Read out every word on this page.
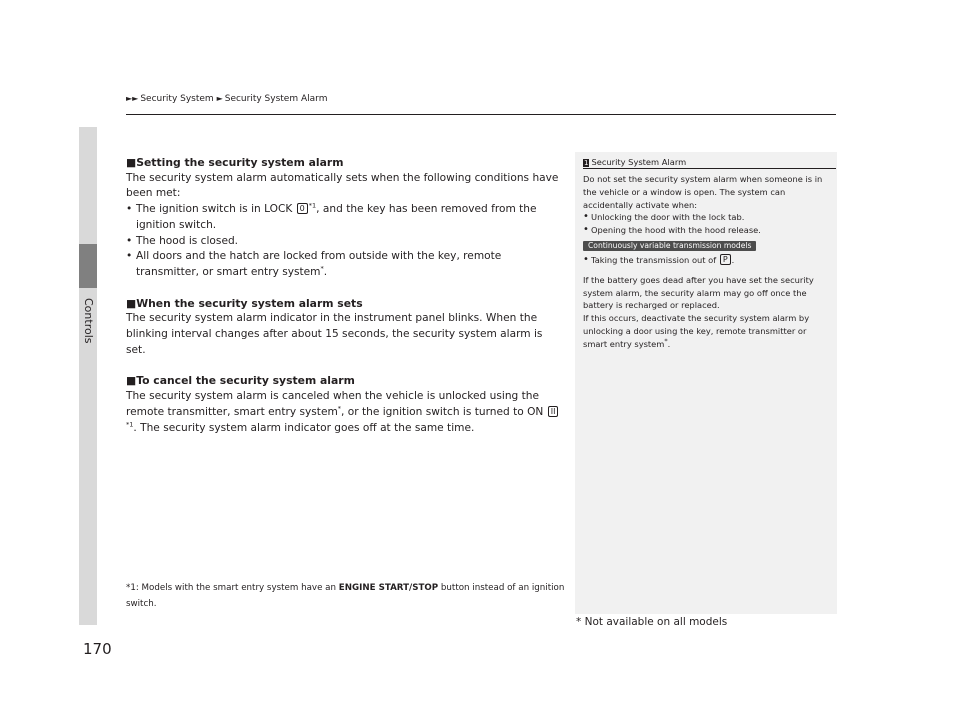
Controls
170
►► Security System ► Security System Alarm
■Setting the security system alarm

The security system alarm automatically sets when the following conditions have been met:

• The ignition switch is in LOCK 0 $^{*1}$, and the key has been removed from the ignition switch.
• The hood is closed.
• All doors and the hatch are locked from outside with the key, remote transmitter, or smart entry system*.
■When the security system alarm sets

The security system alarm indicator in the instrument panel blinks. When the blinking interval changes after about 15 seconds, the security system alarm is set.

■To cancel the security system alarm

The security system alarm is canceled when the vehicle is unlocked using the remote transmitter, smart entry system*, or the ignition switch is turned to ON II$^{*1}$. The security system alarm indicator goes off at the same time.

*1: Models with the smart entry system have an ENGINE START/STOP button instead of an ignition switch.
1 Security System Alarm

Do not set the security system alarm when someone is in the vehicle or a window is open. The system can accidentally activate when:

• Unlocking the door with the lock tab.
• Opening the hood with the hood release.
Continuously variable transmission models
• Taking the transmission out of P .

If the battery goes dead after you have set the security system alarm, the security alarm may go off once the battery is recharged or replaced.

If this occurs, deactivate the security system alarm by unlocking a door using the key, remote transmitter or smart entry system*.

* Not available on all models
